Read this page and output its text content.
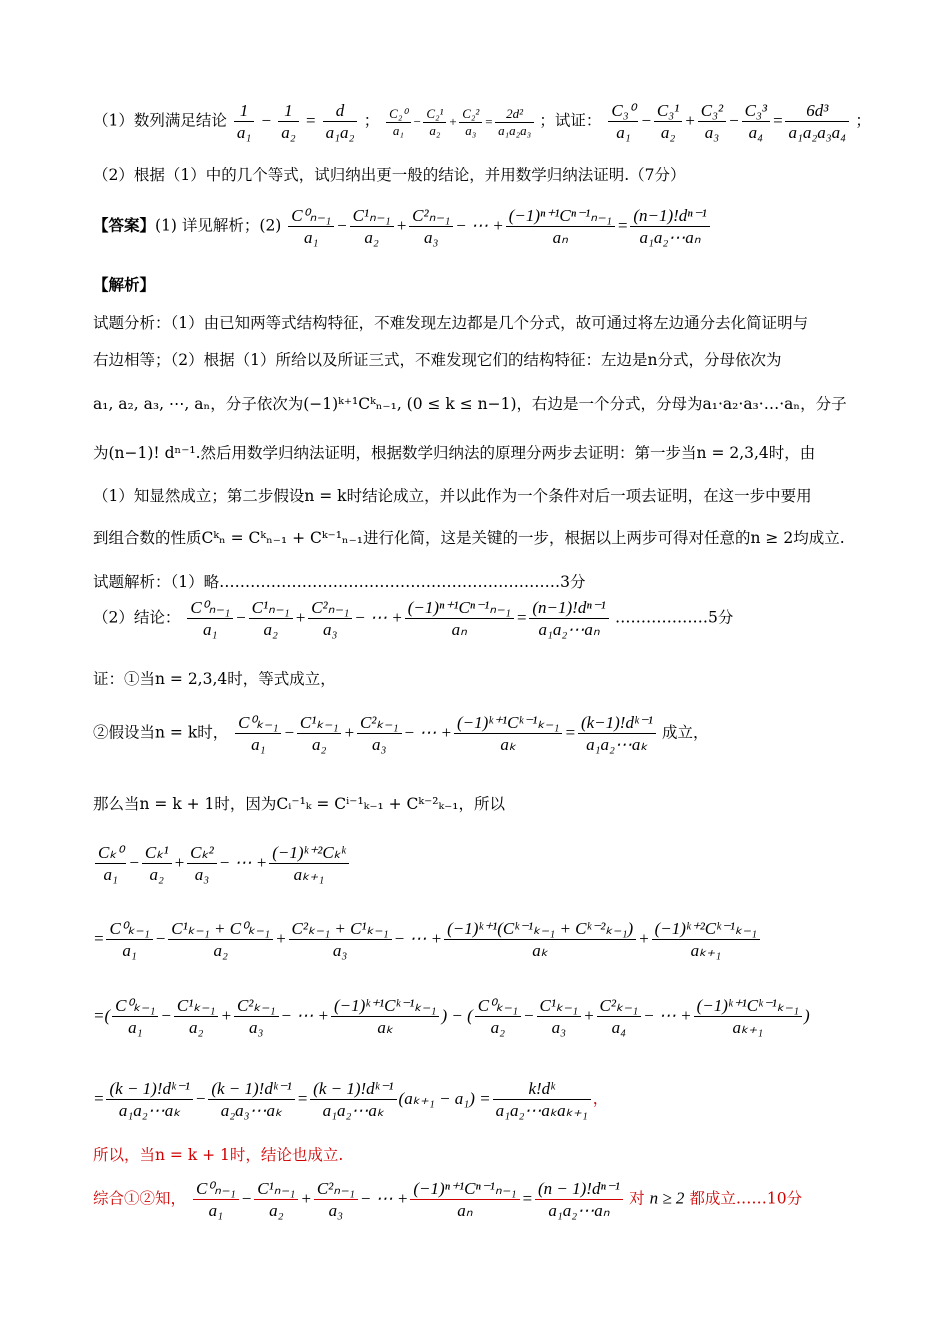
（1）数列满足结论 $\frac{1}{\text{a₁}} - \frac{1}{\text{a₂}} = \frac{d}{\text{a₁a₂}}$ ； $\frac{\text{C₂⁰}}{\text{a₁}} - \frac{\text{C₂¹}}{\text{a₂}} + \frac{\text{C₂²}}{\text{a₃}} = \frac{\text{2d²}}{\text{a₁a₂a₃}}$ ；试证： $\frac{\text{C₃⁰}}{\text{a₁}} - \frac{\text{C₃¹}}{\text{a₂}} + \frac{\text{C₃²}}{\text{a₃}} - \frac{\text{C₃³}}{\text{a₄}} = \frac{\text{6d³}}{\text{a₁a₂a₃a₄}}$ ；
（2）根据（1）中的几个等式，试归纳出更一般的结论，并用数学归纳法证明.（7分）
【答案】(1) 详见解析；$(2) \frac{\text{C⁰ₙ₋₁}}{\text{a₁}} - \frac{\text{C¹ₙ₋₁}}{\text{a₂}} + \frac{\text{C²ₙ₋₁}}{\text{a₃}}$ − ⋯ + $\frac{\text{(−1)ⁿ⁺¹Cⁿ⁻¹ₙ₋₁}}{\text{aₙ}} = \frac{\text{(n−1)!dⁿ⁻¹}}{\text{a₁a₂⋯aₙ}}$
【解析】
试题分析：（1）由已知两等式结构特征，不难发现左边都是几个分式，故可通过将左边通分去化简证明与
右边相等；（2）根据（1）所给以及所证三式，不难发现它们的结构特征：左边是n分式，分母依次为
a₁, a₂, a₃, ⋯, aₙ，分子依次为(−1)ᵏ⁺¹Cᵏₙ₋₁, (0 ≤ k ≤ n−1)，右边是一个分式，分母为a₁·a₂·a₃·…·aₙ，分子
为(n−1)! dⁿ⁻¹.然后用数学归纳法证明，根据数学归纳法的原理分两步去证明：第一步当n = 2,3,4时，由
（1）知显然成立；第二步假设n = k时结论成立，并以此作为一个条件对后一项去证明，在这一步中要用
到组合数的性质Cᵏₙ = Cᵏₙ₋₁ + Cᵏ⁻¹ₙ₋₁进行化简，这是关键的一步，根据以上两步可得对任意的n ≥ 2均成立.
试题解析：（1）略…………………………………………………………3分
（2）结论： $\frac{\text{C⁰ₙ₋₁}}{\text{a₁}} - \frac{\text{C¹ₙ₋₁}}{\text{a₂}} + \frac{\text{C²ₙ₋₁}}{\text{a₃}}$ − ⋯ + $\frac{\text{(−1)ⁿ⁺¹Cⁿ⁻¹ₙ₋₁}}{\text{aₙ}} = \frac{\text{(n−1)!dⁿ⁻¹}}{\text{a₁a₂⋯aₙ}}$ ………………5分
证：①当n = 2,3,4时，等式成立，
②假设当n = k时， $\frac{\text{C⁰ₖ₋₁}}{\text{a₁}} - \frac{\text{C¹ₖ₋₁}}{\text{a₂}} + \frac{\text{C²ₖ₋₁}}{\text{a₃}}$ − ⋯ + $\frac{\text{(−1)ᵏ⁺¹Cᵏ⁻¹ₖ₋₁}}{\text{aₖ}} = \frac{\text{(k−1)!dᵏ⁻¹}}{\text{a₁a₂⋯aₖ}}$ 成立，
那么当n = k + 1时，因为Cᵢ⁻¹ₖ = Cⁱ⁻¹ₖ₋₁ + Cᵏ⁻²ₖ₋₁，所以
$\frac{\text{Cₖ⁰}}{\text{a₁}} - \frac{\text{Cₖ¹}}{\text{a₂}} + \frac{\text{Cₖ²}}{\text{a₃}}$ − ⋯ + $\frac{\text{(−1)ᵏ⁺²Cₖᵏ}}{\text{aₖ₊₁}}$
= $\frac{\text{C⁰ₖ₋₁}}{\text{a₁}} - \frac{\text{C¹ₖ₋₁ + C⁰ₖ₋₁}}{\text{a₂}} + \frac{\text{C²ₖ₋₁ + C¹ₖ₋₁}}{\text{a₃}}$ − ⋯ + $\frac{\text{(−1)ᵏ⁺¹(Cᵏ⁻¹ₖ₋₁ + Cᵏ⁻²ₖ₋₁)}}{\text{aₖ}} + \frac{\text{(−1)ᵏ⁺²Cᵏ⁻¹ₖ₋₁}}{\text{aₖ₊₁}}$
=( $\frac{\text{C⁰ₖ₋₁}}{\text{a₁}} - \frac{\text{C¹ₖ₋₁}}{\text{a₂}} + \frac{\text{C²ₖ₋₁}}{\text{a₃}}$ − ⋯ + $\frac{\text{(−1)ᵏ⁺¹Cᵏ⁻¹ₖ₋₁}}{\text{aₖ}}$ ) − ( $\frac{\text{C⁰ₖ₋₁}}{\text{a₂}} - \frac{\text{C¹ₖ₋₁}}{\text{a₃}} + \frac{\text{C²ₖ₋₁}}{\text{a₄}}$ − ⋯ + $\frac{\text{(−1)ᵏ⁺¹Cᵏ⁻¹ₖ₋₁}}{\text{aₖ₊₁}}$ )
= $\frac{\text{(k − 1)!dᵏ⁻¹}}{\text{a₁a₂⋯aₖ}} - \frac{\text{(k − 1)!dᵏ⁻¹}}{\text{a₂a₃⋯aₖ}} = \frac{\text{(k − 1)!dᵏ⁻¹}}{\text{a₁a₂⋯aₖ}} (a_{k+1} - a_1) = \frac{\text{k!dᵏ}}{\text{a₁a₂⋯aₖaₖ₊₁}}$ ，
所以，当n = k + 1时，结论也成立.
综合①②知， $\frac{\text{C⁰ₙ₋₁}}{\text{a₁}} - \frac{\text{C¹ₙ₋₁}}{\text{a₂}} + \frac{\text{C²ₙ₋₁}}{\text{a₃}}$ − ⋯ + $\frac{\text{(−1)ⁿ⁺¹Cⁿ⁻¹ₙ₋₁}}{\text{aₙ}} = \frac{\text{(n − 1)!dⁿ⁻¹}}{\text{a₁a₂⋯aₙ}}$ 对 n ≥ 2 都成立……10分
